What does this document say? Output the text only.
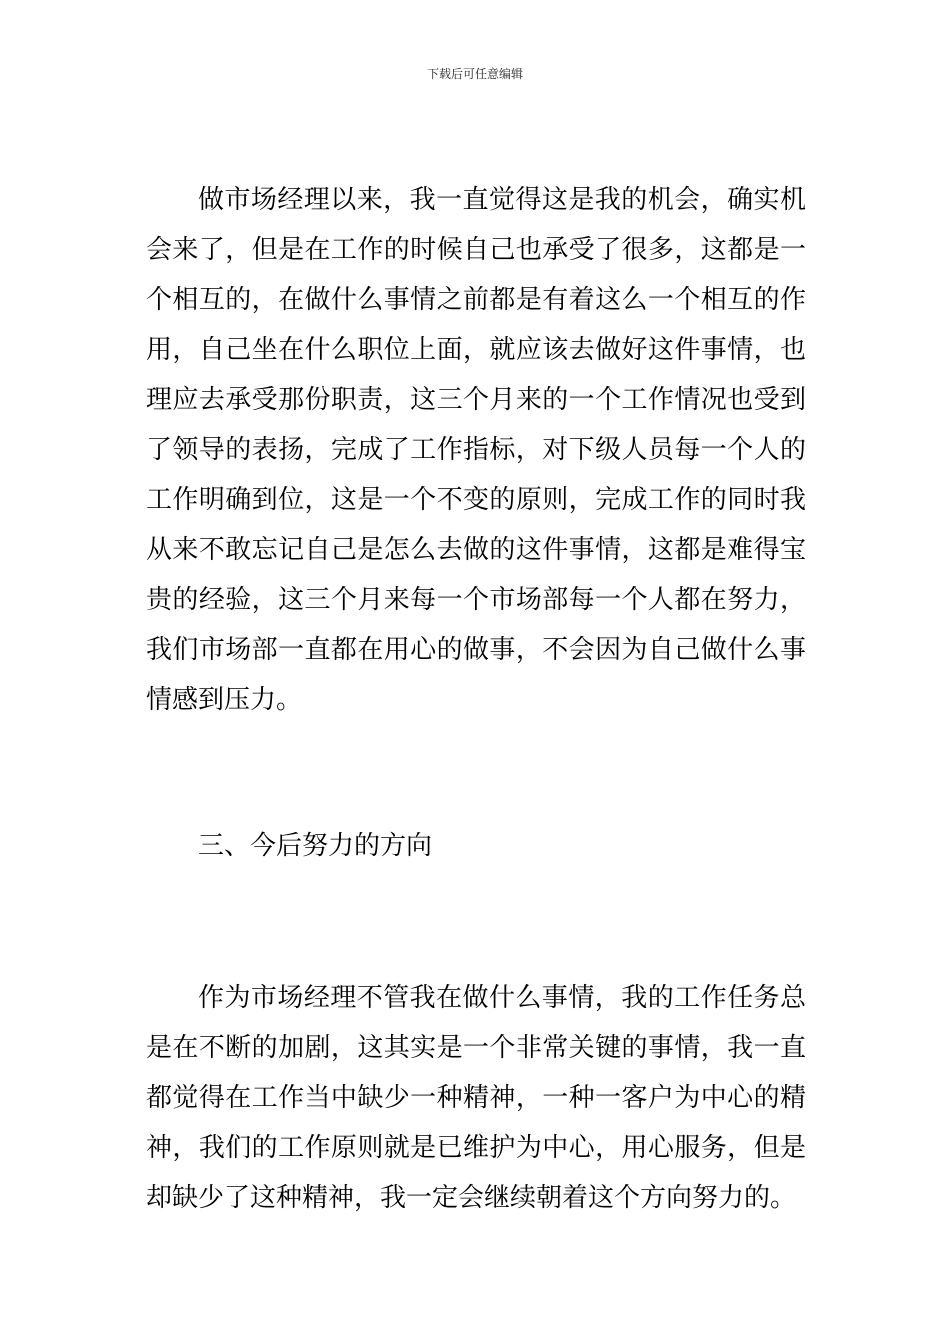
下载后可任意编辑

做市场经理以来，我一直觉得这是我的机会，确实机会来了，但是在工作的时候自己也承受了很多，这都是一个相互的，在做什么事情之前都是有着这么一个相互的作用，自己坐在什么职位上面，就应该去做好这件事情，也理应去承受那份职责，这三个月来的一个工作情况也受到了领导的表扬，完成了工作指标，对下级人员每一个人的工作明确到位，这是一个不变的原则，完成工作的同时我从来不敢忘记自己是怎么去做的这件事情，这都是难得宝贵的经验，这三个月来每一个市场部每一个人都在努力，我们市场部一直都在用心的做事，不会因为自己做什么事情感到压力。

三、今后努力的方向

作为市场经理不管我在做什么事情，我的工作任务总是在不断的加剧，这其实是一个非常关键的事情，我一直都觉得在工作当中缺少一种精神，一种一客户为中心的精神，我们的工作原则就是已维护为中心，用心服务，但是却缺少了这种精神，我一定会继续朝着这个方向努力的。
